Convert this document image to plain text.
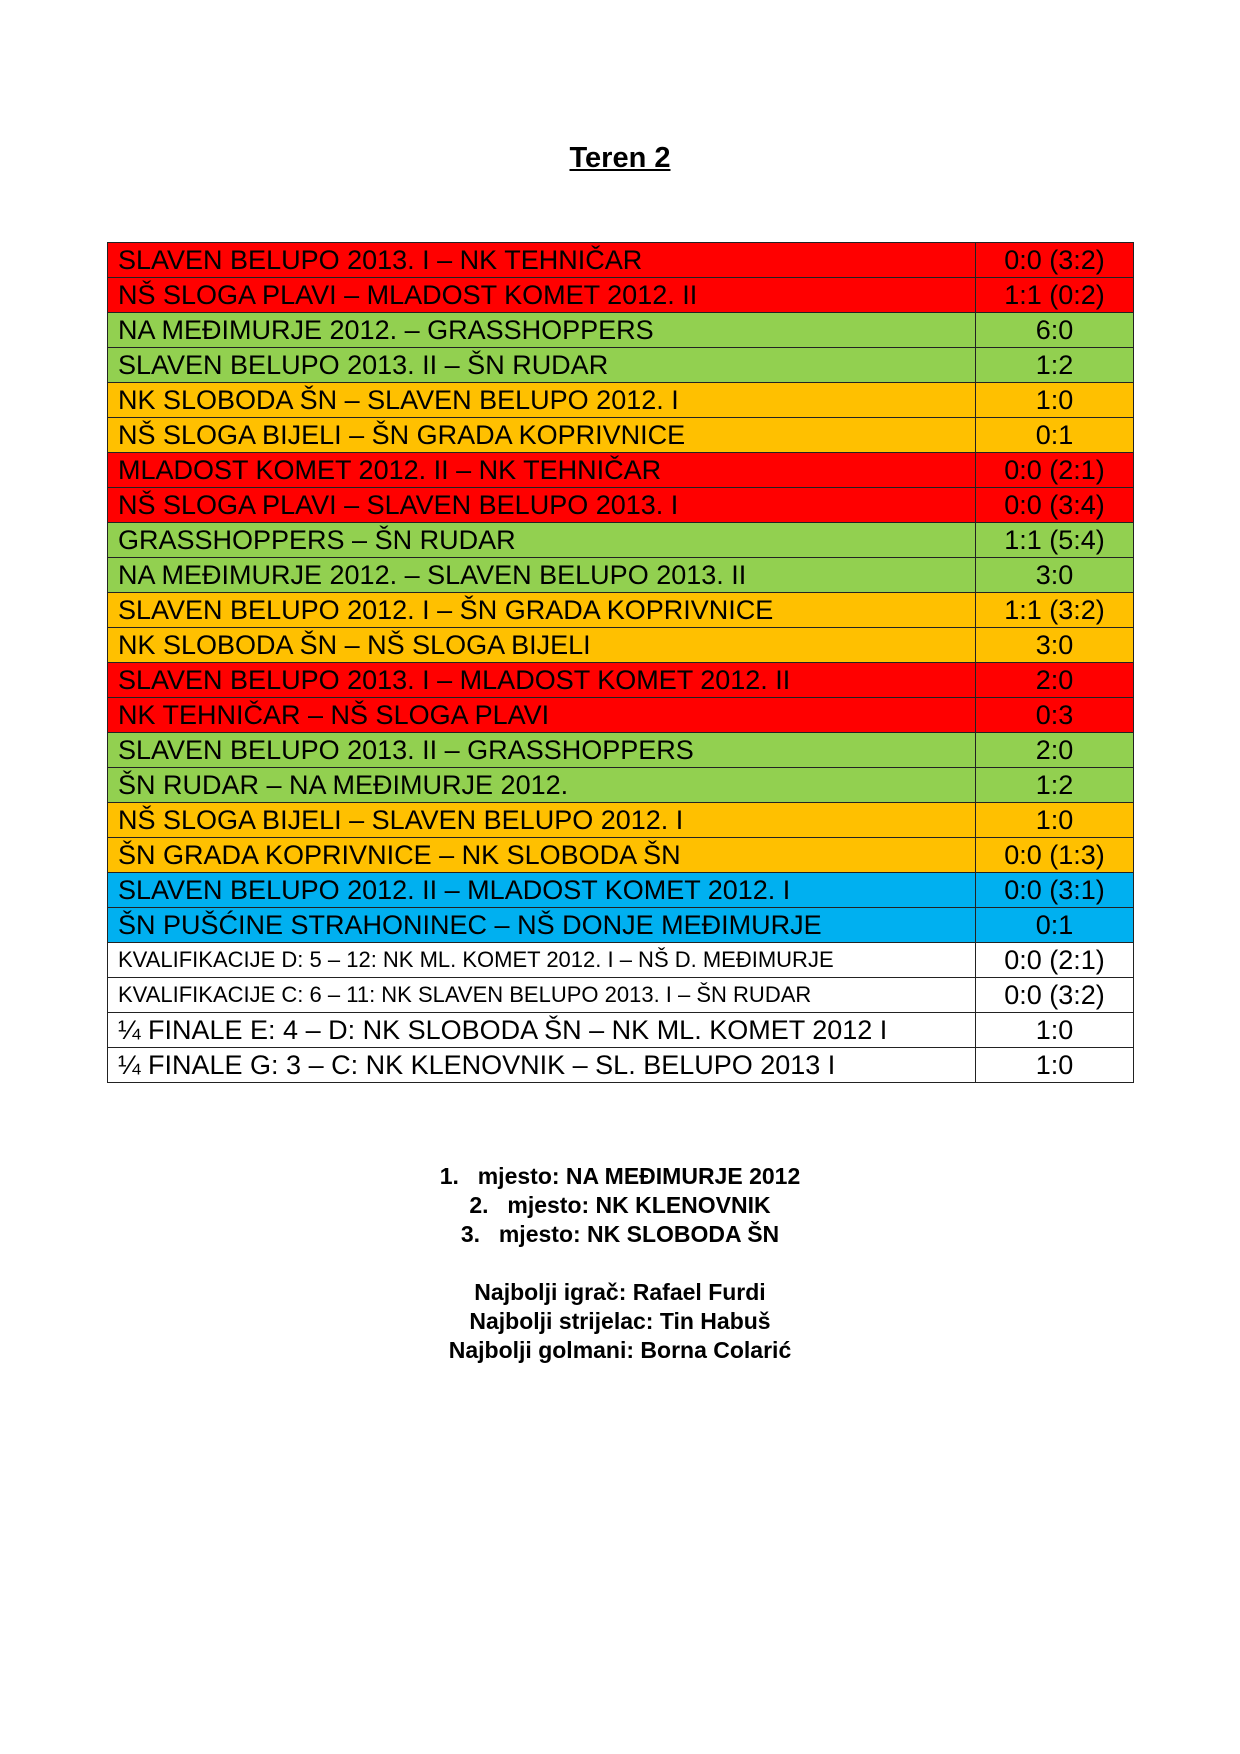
Teren 2
SLAVEN BELUPO 2013. I – NK TEHNIČAR	0:0 (3:2)
NŠ SLOGA PLAVI – MLADOST KOMET 2012. II	1:1 (0:2)
NA MEĐIMURJE 2012. – GRASSHOPPERS	6:0
SLAVEN BELUPO 2013. II – ŠN RUDAR	1:2
NK SLOBODA ŠN – SLAVEN BELUPO 2012. I	1:0
NŠ SLOGA BIJELI – ŠN GRADA KOPRIVNICE	0:1
MLADOST KOMET 2012. II – NK TEHNIČAR	0:0 (2:1)
NŠ SLOGA PLAVI – SLAVEN BELUPO 2013. I	0:0 (3:4)
GRASSHOPPERS – ŠN RUDAR	1:1 (5:4)
NA MEĐIMURJE 2012. – SLAVEN BELUPO 2013. II	3:0
SLAVEN BELUPO 2012. I – ŠN GRADA KOPRIVNICE	1:1 (3:2)
NK SLOBODA ŠN – NŠ SLOGA BIJELI	3:0
SLAVEN BELUPO 2013. I – MLADOST KOMET 2012. II	2:0
NK TEHNIČAR – NŠ SLOGA PLAVI	0:3
SLAVEN BELUPO 2013. II – GRASSHOPPERS	2:0
ŠN RUDAR – NA MEĐIMURJE 2012.	1:2
NŠ SLOGA BIJELI – SLAVEN BELUPO 2012. I	1:0
ŠN GRADA KOPRIVNICE – NK SLOBODA ŠN	0:0 (1:3)
SLAVEN BELUPO 2012. II – MLADOST KOMET 2012. I	0:0 (3:1)
ŠN PUŠĆINE STRAHONINEC – NŠ DONJE MEĐIMURJE	0:1
KVALIFIKACIJE D: 5 – 12: NK ML. KOMET 2012. I – NŠ D. MEĐIMURJE	0:0 (2:1)
KVALIFIKACIJE C: 6 – 11: NK SLAVEN BELUPO 2013. I – ŠN RUDAR	0:0 (3:2)
¼ FINALE E: 4 – D: NK SLOBODA ŠN – NK ML. KOMET 2012 I	1:0
¼ FINALE G: 3 – C: NK KLENOVNIK – SL. BELUPO 2013 I	1:0
1. mjesto: NA MEĐIMURJE 2012
2. mjesto: NK KLENOVNIK
3. mjesto: NK SLOBODA ŠN
Najbolji igrač: Rafael Furdi
Najbolji strijelac: Tin Habuš
Najbolji golmani: Borna Colarić
